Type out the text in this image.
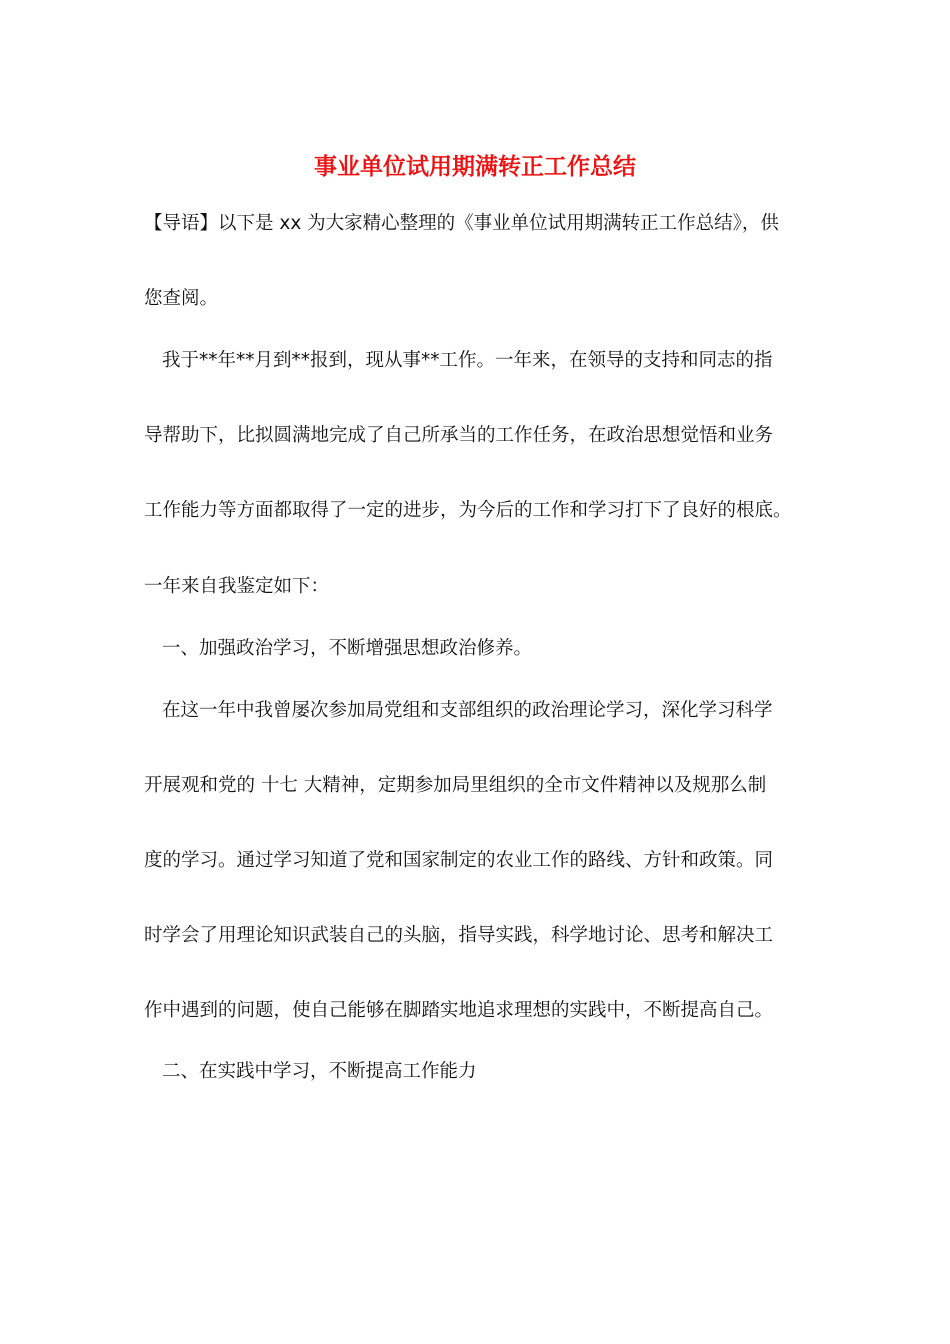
事业单位试用期满转正工作总结
【导语】以下是 xx 为大家精心整理的《事业单位试用期满转正工作总结》，供
您查阅。
我于**年**月到**报到，现从事**工作。一年来，在领导的支持和同志的指
导帮助下，比拟圆满地完成了自己所承当的工作任务，在政治思想觉悟和业务
工作能力等方面都取得了一定的进步，为今后的工作和学习打下了良好的根底。
一年来自我鉴定如下：
一、加强政治学习，不断增强思想政治修养。
在这一年中我曾屡次参加局党组和支部组织的政治理论学习，深化学习科学
开展观和党的 十七 大精神，定期参加局里组织的全市文件精神以及规那么制
度的学习。通过学习知道了党和国家制定的农业工作的路线、方针和政策。同
时学会了用理论知识武装自己的头脑，指导实践，科学地讨论、思考和解决工
作中遇到的问题，使自己能够在脚踏实地追求理想的实践中，不断提高自己。
二、在实践中学习，不断提高工作能力
